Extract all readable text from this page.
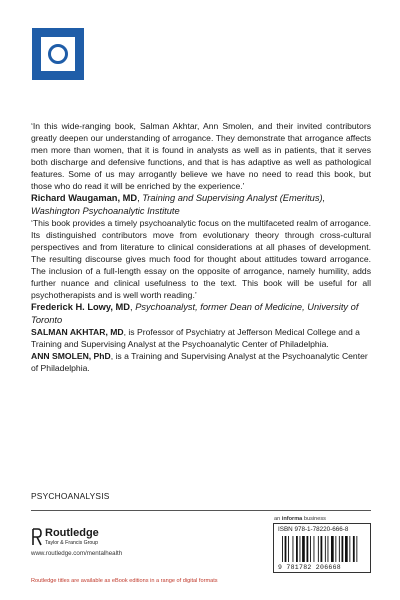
‘In this wide-ranging book, Salman Akhtar, Ann Smolen, and their invited contributors greatly deepen our understanding of arrogance. They demonstrate that arrogance affects men more than women, that it is found in analysts as well as in patients, that it serves both discharge and defensive functions, and that is has adaptive as well as pathological features. Some of us may arrogantly believe we have no need to read this book, but those who do read it will be enriched by the experience.’

Richard Waugaman, MD, Training and Supervising Analyst (Emeritus), Washington Psychoanalytic Institute

‘This book provides a timely psychoanalytic focus on the multifaceted realm of arrogance. Its distinguished contributors move from evolutionary theory through cross-cultural perspectives and from literature to clinical considerations at all phases of development. The resulting discourse gives much food for thought about attitudes toward arrogance. The inclusion of a full-length essay on the opposite of arrogance, namely humility, adds further nuance and clinical usefulness to the text. This book will be useful for all psychotherapists and is well worth reading.’

Frederick H. Lowy, MD, Psychoanalyst, former Dean of Medicine, University of Toronto

SALMAN AKHTAR, MD, is Professor of Psychiatry at Jefferson Medical College and a Training and Supervising Analyst at the Psychoanalytic Center of Philadelphia.

ANN SMOLEN, PhD, is a Training and Supervising Analyst at the Psychoanalytic Center of Philadelphia.

PSYCHOANALYSIS
Routledge
Taylor & Francis Group
www.routledge.com/mentalhealth
Routledge titles are available as eBook editions in a range of digital formats
an informa business
ISBN 978-1-78220-666-8
9 781782 206668
